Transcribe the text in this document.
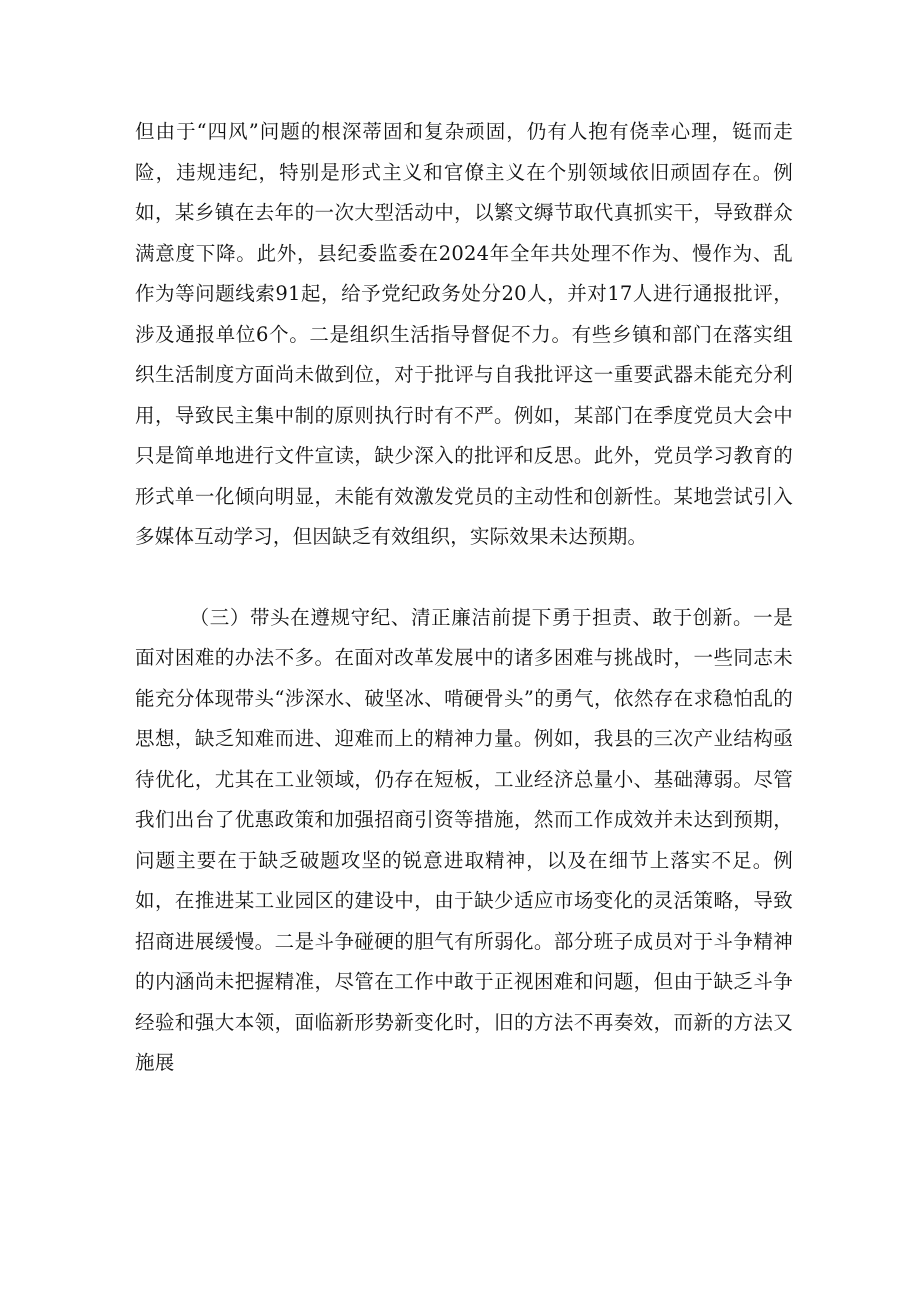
但由于“四风”问题的根深蒂固和复杂顽固，仍有人抱有侥幸心理，铤而走险，违规违纪，特别是形式主义和官僚主义在个别领域依旧顽固存在。例如，某乡镇在去年的一次大型活动中，以繁文缛节取代真抓实干，导致群众满意度下降。此外，县纪委监委在2024年全年共处理不作为、慢作为、乱作为等问题线索91起，给予党纪政务处分20人，并对17人进行通报批评，涉及通报单位6个。二是组织生活指导督促不力。有些乡镇和部门在落实组织生活制度方面尚未做到位，对于批评与自我批评这一重要武器未能充分利用，导致民主集中制的原则执行时有不严。例如，某部门在季度党员大会中只是简单地进行文件宣读，缺少深入的批评和反思。此外，党员学习教育的形式单一化倾向明显，未能有效激发党员的主动性和创新性。某地尝试引入多媒体互动学习，但因缺乏有效组织，实际效果未达预期。

（三）带头在遵规守纪、清正廉洁前提下勇于担责、敢于创新。一是面对困难的办法不多。在面对改革发展中的诸多困难与挑战时，一些同志未能充分体现带头“涉深水、破坚冰、啃硬骨头”的勇气，依然存在求稳怕乱的思想，缺乏知难而进、迎难而上的精神力量。例如，我县的三次产业结构亟待优化，尤其在工业领域，仍存在短板，工业经济总量小、基础薄弱。尽管我们出台了优惠政策和加强招商引资等措施，然而工作成效并未达到预期，问题主要在于缺乏破题攻坚的锐意进取精神，以及在细节上落实不足。例如，在推进某工业园区的建设中，由于缺少适应市场变化的灵活策略，导致招商进展缓慢。二是斗争碰硬的胆气有所弱化。部分班子成员对于斗争精神的内涵尚未把握精准，尽管在工作中敢于正视困难和问题，但由于缺乏斗争经验和强大本领，面临新形势新变化时，旧的方法不再奏效，而新的方法又施展
